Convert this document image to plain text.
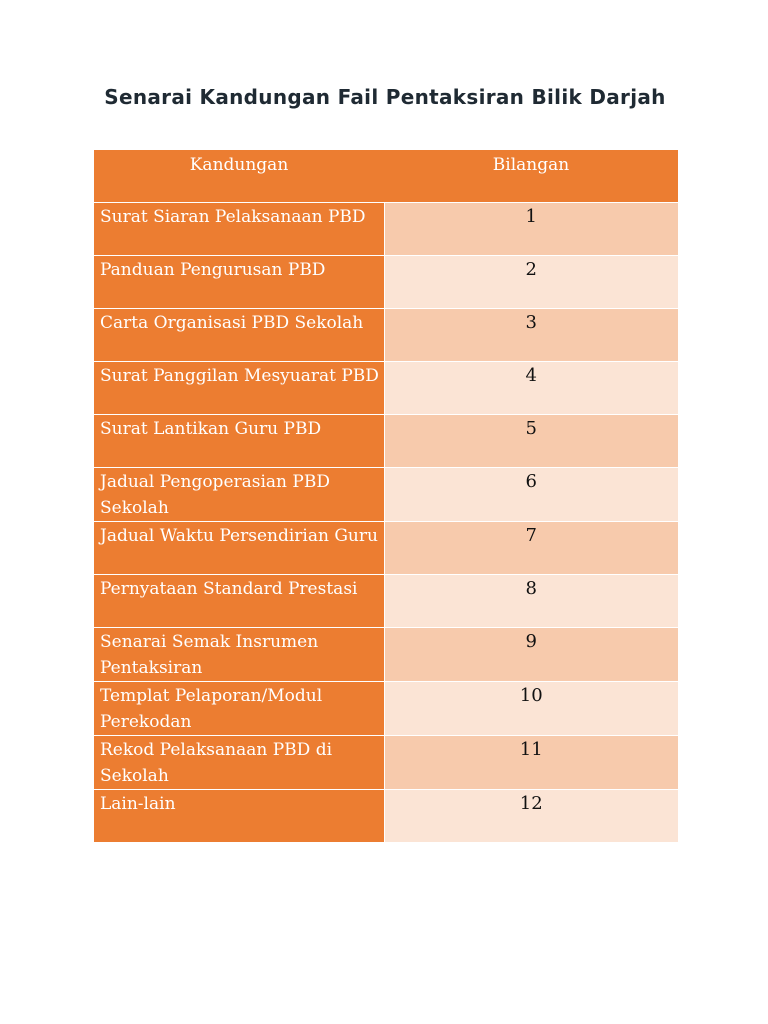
Senarai Kandungan Fail Pentaksiran Bilik Darjah
Kandungan	Bilangan
Surat Siaran Pelaksanaan PBD	1
Panduan Pengurusan PBD	2
Carta Organisasi PBD Sekolah	3
Surat Panggilan Mesyuarat PBD	4
Surat Lantikan Guru PBD	5
Jadual Pengoperasian PBD Sekolah	6
Jadual Waktu Persendirian Guru	7
Pernyataan Standard Prestasi	8
Senarai Semak Insrumen Pentaksiran	9
Templat Pelaporan/Modul Perekodan	10
Rekod Pelaksanaan PBD di Sekolah	11
Lain-lain	12
